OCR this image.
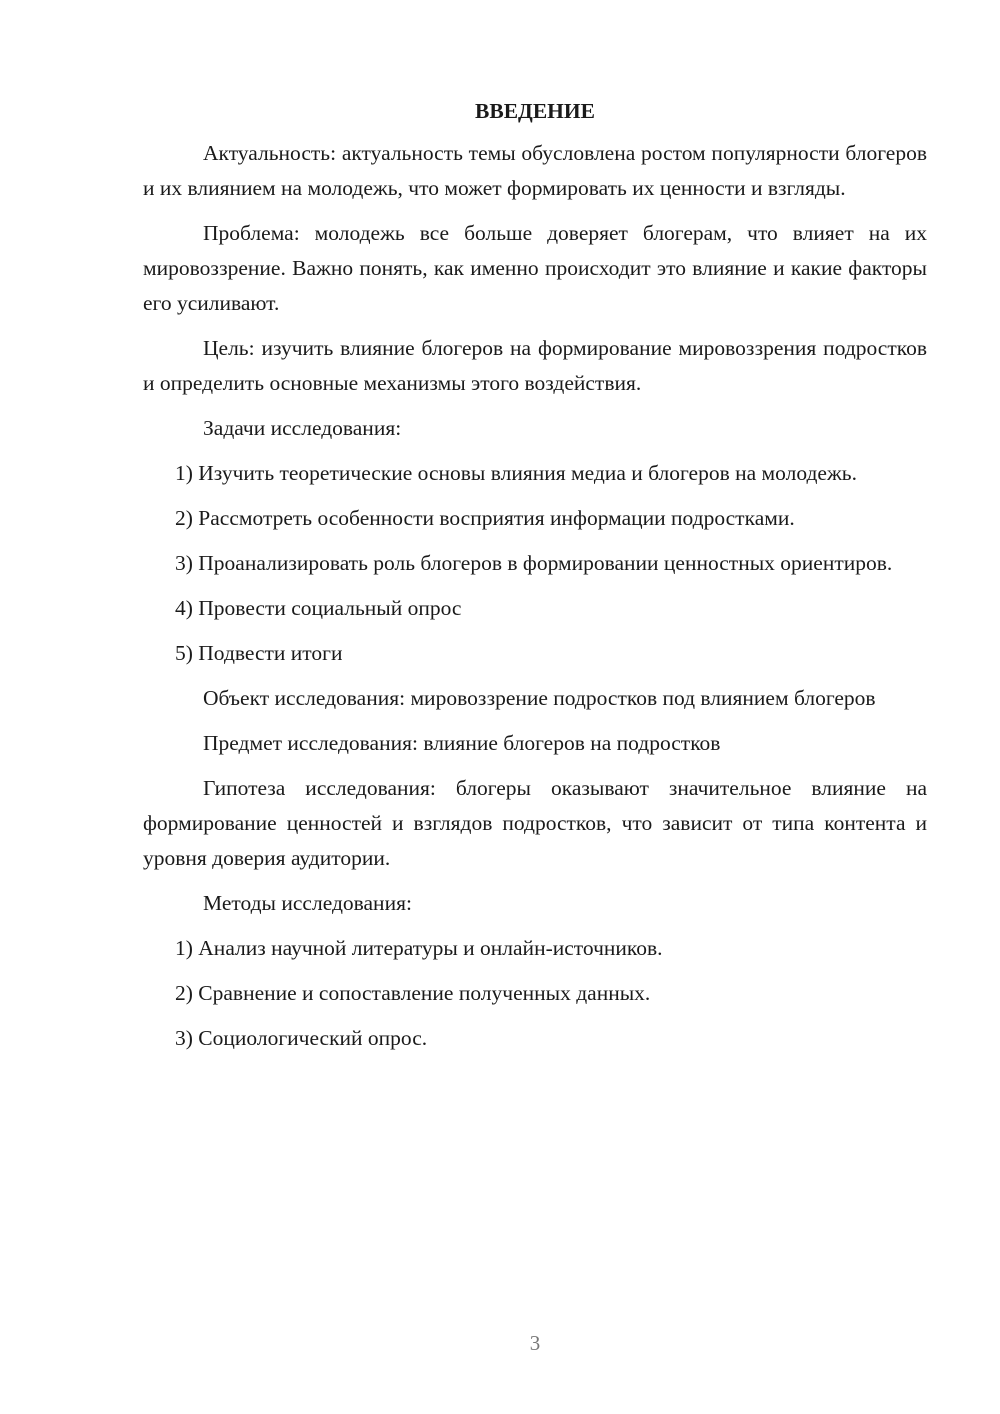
ВВЕДЕНИЕ

Актуальность: актуальность темы обусловлена ростом популярности блогеров и их влиянием на молодежь, что может формировать их ценности и взгляды.

Проблема: молодежь все больше доверяет блогерам, что влияет на их мировоззрение. Важно понять, как именно происходит это влияние и какие факторы его усиливают.

Цель: изучить влияние блогеров на формирование мировоззрения подростков и определить основные механизмы этого воздействия.

Задачи исследования:

1) Изучить теоретические основы влияния медиа и блогеров на молодежь.

2) Рассмотреть особенности восприятия информации подростками.

3) Проанализировать роль блогеров в формировании ценностных ориентиров.

4) Провести социальный опрос

5) Подвести итоги

Объект исследования: мировоззрение подростков под влиянием блогеров

Предмет исследования: влияние блогеров на подростков

Гипотеза исследования: блогеры оказывают значительное влияние на формирование ценностей и взглядов подростков, что зависит от типа контента и уровня доверия аудитории.

Методы исследования:

1) Анализ научной литературы и онлайн-источников.

2) Сравнение и сопоставление полученных данных.

3) Социологический опрос.

3
